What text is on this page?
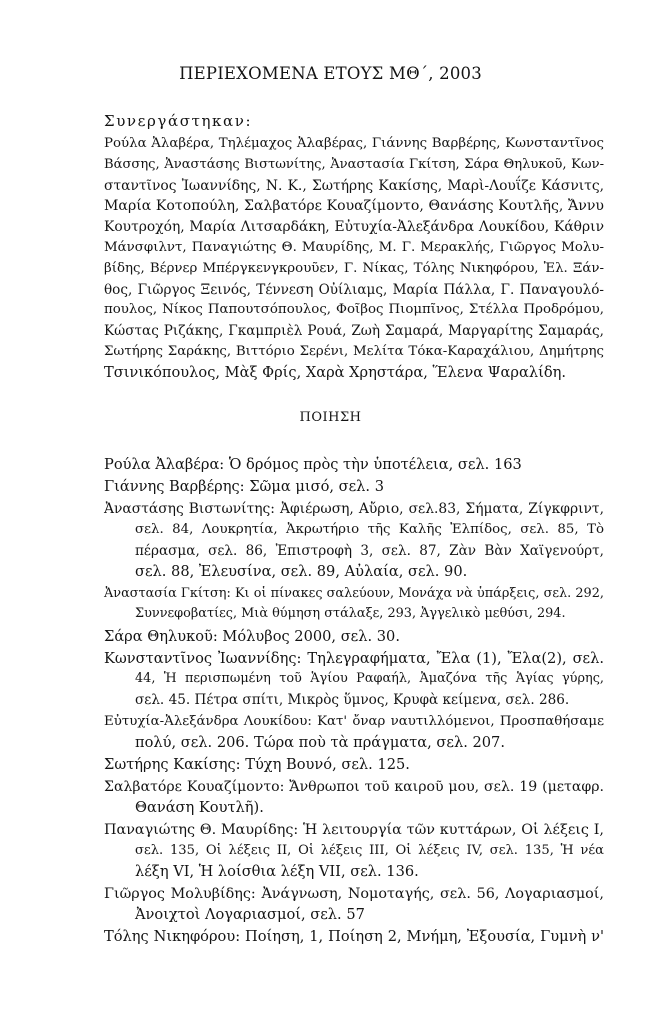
ΠΕΡΙΕΧΟΜΕΝΑ ΕΤΟΥΣ ΜΘ΄, 2003
Συνεργάστηκαν:
Ρούλα Ἀλαβέρα, Τηλέμαχος Ἀλαβέρας, Γιάννης Βαρβέρης, Κωνσταντῖνος
Βάσσης, Ἀναστάσης Βιστωνίτης, Ἀναστασία Γκίτση, Σάρα Θηλυκοῦ, Κων-
σταντῖνος Ἰωαννίδης, Ν. Κ., Σωτήρης Κακίσης, Μαρὶ-Λουΐζε Κάσνιτς,
Μαρία Κοτοπούλη, Σαλβατόρε Κουαζίμοντο, Θανάσης Κουτλῆς, Ἄννυ
Κουτροχόη, Μαρία Λιτσαρδάκη, Εὐτυχία-Ἀλεξάνδρα Λουκίδου, Κάθριν
Μάνσφιλντ, Παναγιώτης Θ. Μαυρίδης, Μ. Γ. Μερακλής, Γιῶργος Μολυ-
βίδης, Βέρνερ Μπέργκενγκρουῦεν, Γ. Νίκας, Τόλης Νικηφόρου, Ἐλ. Ξάν-
θος, Γιῶργος Ξεινός, Τέννεση Οὐίλιαμς, Μαρία Πάλλα, Γ. Παναγουλό-
πουλος, Νίκος Παπουτσόπουλος, Φοῖβος Πιομπῖνος, Στέλλα Προδρόμου,
Κώστας Ριζάκης, Γκαμπριὲλ Ρουά, Ζωὴ Σαμαρά, Μαργαρίτης Σαμαράς,
Σωτήρης Σαράκης, Βιττόριο Σερένι, Μελίτα Τόκα-Καραχάλιου, Δημήτρης
Τσινικόπουλος, Μὰξ Φρίς, Χαρὰ Χρηστάρα, Ἕλενα Ψαραλίδη.
ΠΟΙΗΣΗ
Ρούλα Ἀλαβέρα: Ὁ δρόμος πρὸς τὴν ὑποτέλεια, σελ. 163
Γιάννης Βαρβέρης: Σῶμα μισό, σελ. 3
Ἀναστάσης Βιστωνίτης: Ἀφιέρωση, Αὔριο, σελ.83, Σήματα, Ζίγκφριντ,
σελ. 84, Λουκρητία, Ἀκρωτήριο τῆς Καλῆς Ἐλπίδος, σελ. 85, Τὸ
πέρασμα, σελ. 86, Ἐπιστροφὴ 3, σελ. 87, Ζὰν Βὰν Χαϊγενούρτ,
σελ. 88, Ἐλευσίνα, σελ. 89, Αὐλαία, σελ. 90.
Ἀναστασία Γκίτση: Κι οἱ πίνακες σαλεύουν, Μονάχα νὰ ὑπάρξεις, σελ. 292,
Συννεφοβατίες, Μιὰ θύμηση στάλαξε, 293, Ἀγγελικὸ μεθύσι, 294.
Σάρα Θηλυκοῦ: Μόλυβος 2000, σελ. 30.
Κωνσταντῖνος Ἰωαννίδης: Τηλεγραφήματα, Ἔλα (1), Ἔλα(2), σελ.
44, Ἡ περισπωμένη τοῦ Ἁγίου Ραφαήλ, Ἀμαζόνα τῆς Ἁγίας γύρης,
σελ. 45. Πέτρα σπίτι, Μικρὸς ὕμνος, Κρυφὰ κείμενα, σελ. 286.
Εὐτυχία-Ἀλεξάνδρα Λουκίδου: Κατ' ὄναρ ναυτιλλόμενοι, Προσπαθήσαμε
πολύ, σελ. 206. Τώρα ποὺ τὰ πράγματα, σελ. 207.
Σωτήρης Κακίσης: Τύχη Βουνό, σελ. 125.
Σαλβατόρε Κουαζίμοντο: Ἄνθρωποι τοῦ καιροῦ μου, σελ. 19 (μεταφρ.
Θανάση Κουτλῆ).
Παναγιώτης Θ. Μαυρίδης: Ἡ λειτουργία τῶν κυττάρων, Οἱ λέξεις I,
σελ. 135, Οἱ λέξεις II, Οἱ λέξεις III, Οἱ λέξεις IV, σελ. 135, Ἡ νέα
λέξη VI, Ἡ λοίσθια λέξη VII, σελ. 136.
Γιῶργος Μολυβίδης: Ἀνάγνωση, Νομοταγής, σελ. 56, Λογαριασμοί,
Ἀνοιχτοὶ Λογαριασμοί, σελ. 57
Τόλης Νικηφόρου: Ποίηση, 1, Ποίηση 2, Μνήμη, Ἐξουσία, Γυμνὴ ν'
